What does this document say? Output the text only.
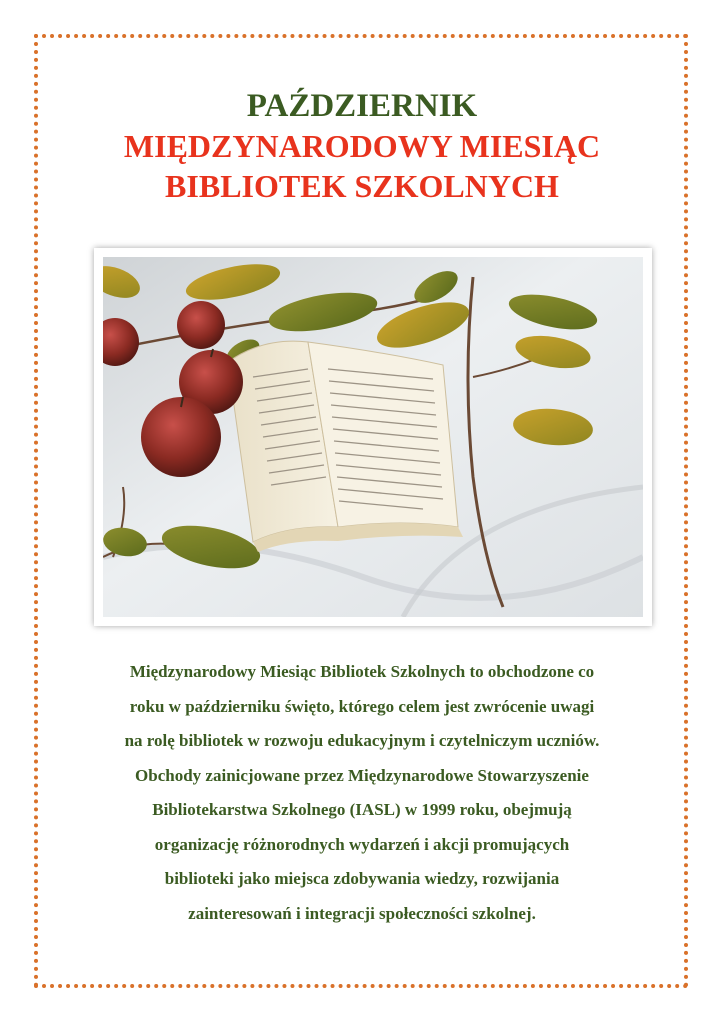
PAŹDZIERNIK
MIĘDZYNARODOWY MIESIĄC
BIBLIOTEK SZKOLNYCH
Międzynarodowy Miesiąc Bibliotek Szkolnych to obchodzone co
roku w październiku święto, którego celem jest zwrócenie uwagi
na rolę bibliotek w rozwoju edukacyjnym i czytelniczym uczniów.
Obchody zainicjowane przez Międzynarodowe Stowarzyszenie
Bibliotekarstwa Szkolnego (IASL) w 1999 roku, obejmują
organizację różnorodnych wydarzeń i akcji promujących
biblioteki jako miejsca zdobywania wiedzy, rozwijania
zainteresowań i integracji społeczności szkolnej.
